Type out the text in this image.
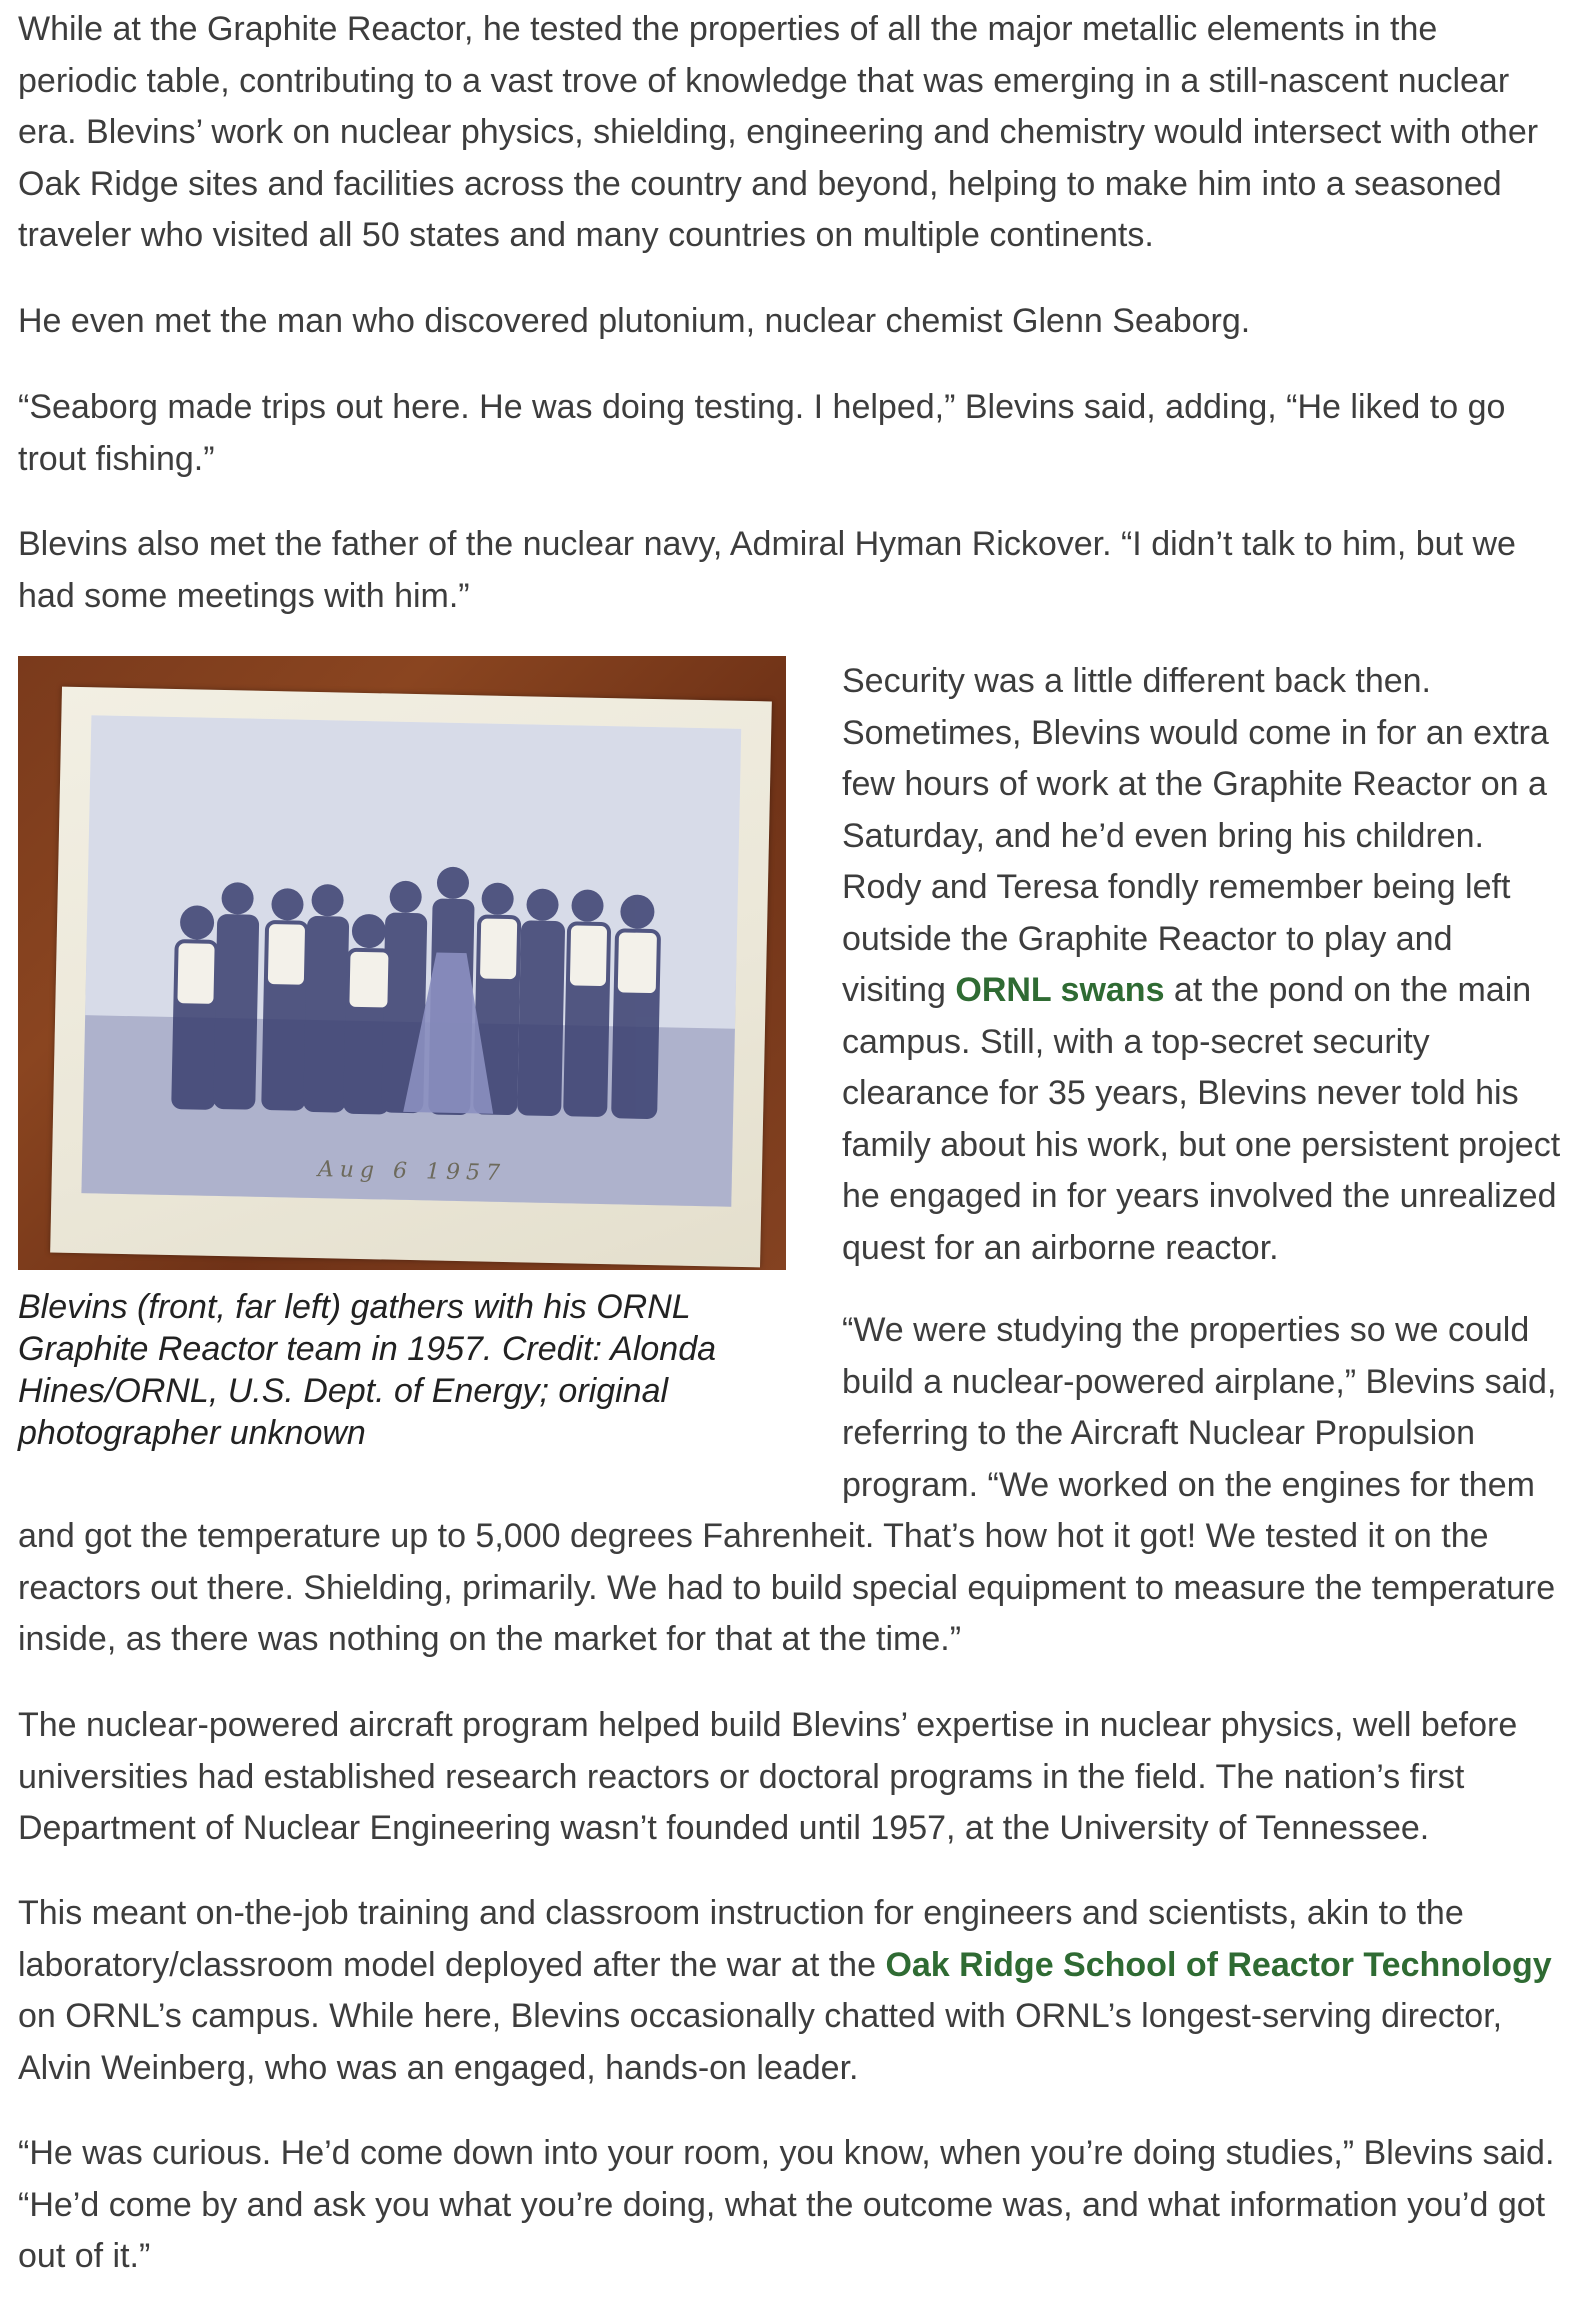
While at the Graphite Reactor, he tested the properties of all the major metallic elements in the periodic table, contributing to a vast trove of knowledge that was emerging in a still-nascent nuclear era. Blevins’ work on nuclear physics, shielding, engineering and chemistry would intersect with other Oak Ridge sites and facilities across the country and beyond, helping to make him into a seasoned traveler who visited all 50 states and many countries on multiple continents.

He even met the man who discovered plutonium, nuclear chemist Glenn Seaborg.

“Seaborg made trips out here. He was doing testing. I helped,” Blevins said, adding, “He liked to go trout fishing.”

Blevins also met the father of the nuclear navy, Admiral Hyman Rickover. “I didn’t talk to him, but we had some meetings with him.”

Aug 6 1957

Blevins (front, far left) gathers with his ORNL Graphite Reactor team in 1957. Credit: Alonda Hines/ORNL, U.S. Dept. of Energy; original photographer unknown

Security was a little different back then. Sometimes, Blevins would come in for an extra few hours of work at the Graphite Reactor on a Saturday, and he’d even bring his children. Rody and Teresa fondly remember being left outside the Graphite Reactor to play and visiting ORNL swans at the pond on the main campus. Still, with a top-secret security clearance for 35 years, Blevins never told his family about his work, but one persistent project he engaged in for years involved the unrealized quest for an airborne reactor.

“We were studying the properties so we could build a nuclear-powered airplane,” Blevins said, referring to the Aircraft Nuclear Propulsion program. “We worked on the engines for them

and got the temperature up to 5,000 degrees Fahrenheit. That’s how hot it got! We tested it on the reactors out there. Shielding, primarily. We had to build special equipment to measure the temperature inside, as there was nothing on the market for that at the time.”

The nuclear-powered aircraft program helped build Blevins’ expertise in nuclear physics, well before universities had established research reactors or doctoral programs in the field. The nation’s first Department of Nuclear Engineering wasn’t founded until 1957, at the University of Tennessee.

This meant on-the-job training and classroom instruction for engineers and scientists, akin to the laboratory/classroom model deployed after the war at the Oak Ridge School of Reactor Technology on ORNL’s campus. While here, Blevins occasionally chatted with ORNL’s longest-serving director, Alvin Weinberg, who was an engaged, hands-on leader.

“He was curious. He’d come down into your room, you know, when you’re doing studies,” Blevins said. “He’d come by and ask you what you’re doing, what the outcome was, and what information you’d got out of it.”
